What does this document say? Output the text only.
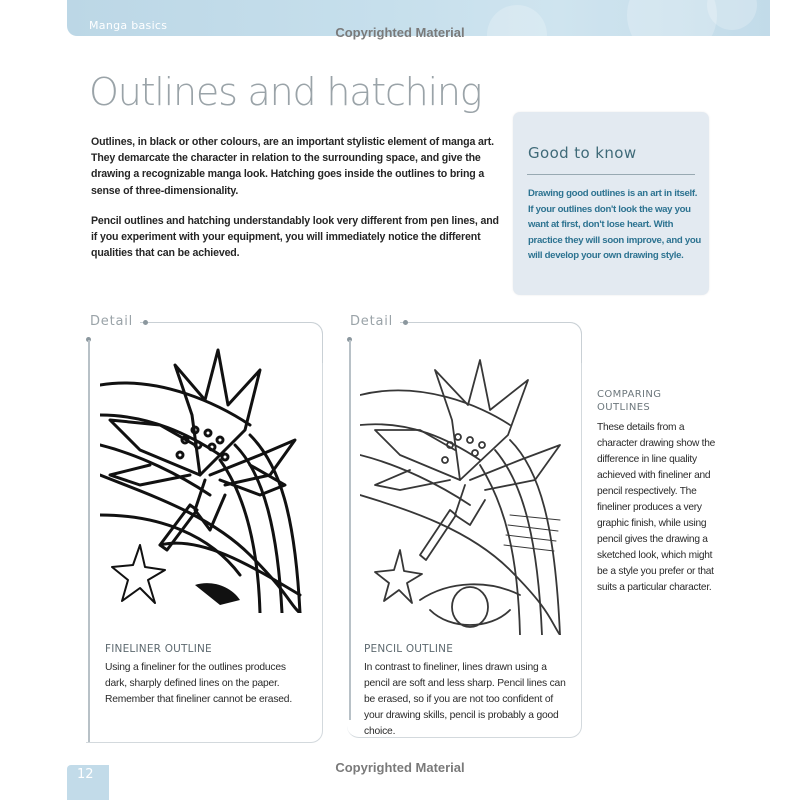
Manga basics	Copyrighted Material
Outlines and hatching

Outlines, in black or other colours, are an important stylistic element of manga art. They demarcate the character in relation to the surrounding space, and give the drawing a recognizable manga look. Hatching goes inside the outlines to bring a sense of three-dimensionality.

Pencil outlines and hatching understandably look very different from pen lines, and if you experiment with your equipment, you will immediately notice the different qualities that can be achieved.

Good to know
Drawing good outlines is an art in itself. If your outlines don't look the way you want at first, don't lose heart. With practice they will soon improve, and you will develop your own drawing style.
Detail
FINELINER OUTLINE
Using a fineliner for the outlines produces dark, sharply defined lines on the paper. Remember that fineliner cannot be erased.
Detail
PENCIL OUTLINE
In contrast to fineliner, lines drawn using a pencil are soft and less sharp. Pencil lines can be erased, so if you are not too confident of your drawing skills, pencil is probably a good choice.
COMPARING
OUTLINES
These details from a character drawing show the difference in line quality achieved with fineliner and pencil respectively. The fineliner produces a very graphic finish, while using pencil gives the drawing a sketched look, which might be a style you prefer or that suits a particular character.
12	Copyrighted Material
